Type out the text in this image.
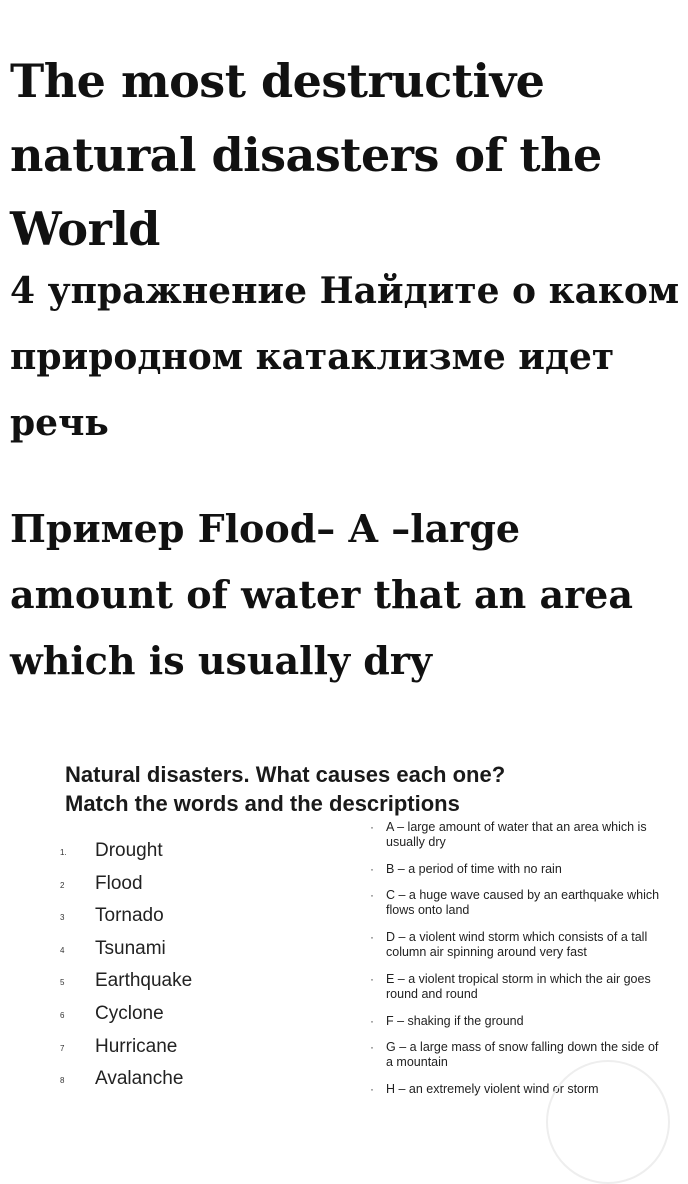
The most destructive natural disasters of the World

4 упражнение Найдите о каком природном катаклизме идет речь

Пример Flood– A –large amount of water that an area which is usually dry

Natural disasters. What causes each one?
Match the words and the descriptions
1. Drought
2 Flood
3 Tornado
4 Tsunami
5 Earthquake
6 Cyclone
7 Hurricane
8 Avalanche
· A – large amount of water that an area which is usually dry
· B – a period of time with no rain
· C – a huge wave caused by an earthquake which flows onto land
· D – a violent wind storm which consists of a tall column air spinning around very fast
· E – a violent tropical storm in which the air goes round and round
· F – shaking if the ground
· G – a large mass of snow falling down the side of a mountain
· H – an extremely violent wind or storm
